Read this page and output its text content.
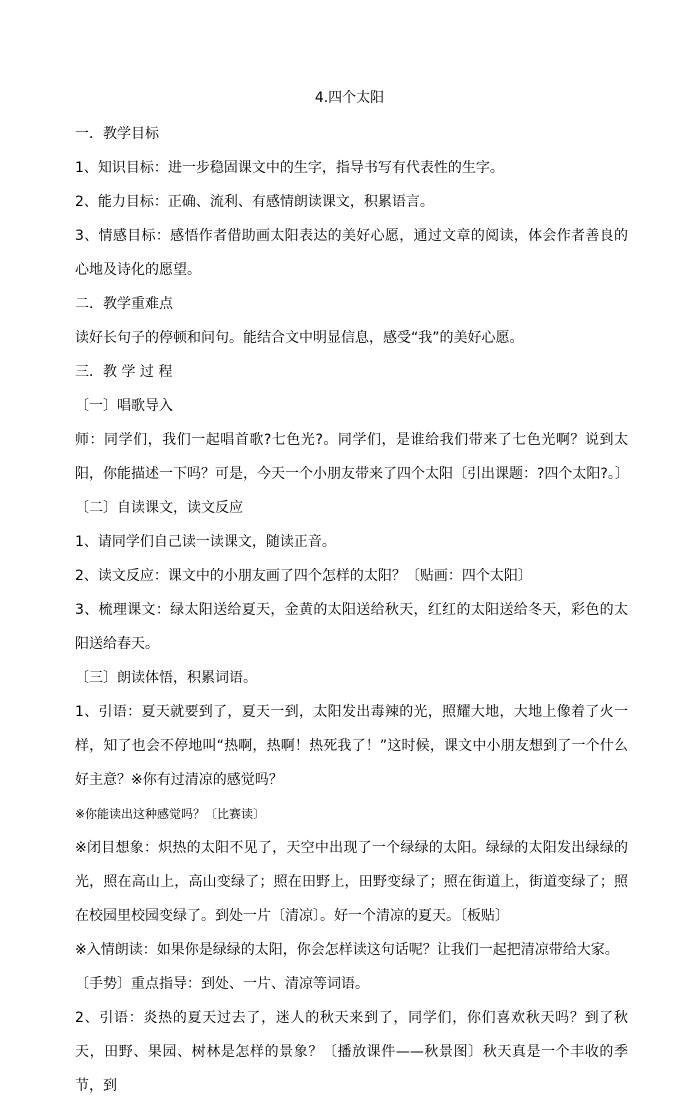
4.四个太阳

一．教学目标

1、知识目标：进一步稳固课文中的生字，指导书写有代表性的生字。

2、能力目标：正确、流利、有感情朗读课文，积累语言。

3、情感目标：感悟作者借助画太阳表达的美好心愿，通过文章的阅读，体会作者善良的心地及诗化的愿望。

二．教学重难点

读好长句子的停顿和问句。能结合文中明显信息，感受“我”的美好心愿。

三．教 学 过 程

〔一〕唱歌导入

师：同学们，我们一起唱首歌?七色光?。同学们，是谁给我们带来了七色光啊？说到太阳，你能描述一下吗？可是，今天一个小朋友带来了四个太阳〔引出课题：?四个太阳?。〕

〔二〕自读课文，读文反应

1、请同学们自己读一读课文，随读正音。

2、读文反应：课文中的小朋友画了四个怎样的太阳？〔贴画：四个太阳〕

3、梳理课文：绿太阳送给夏天，金黄的太阳送给秋天，红红的太阳送给冬天，彩色的太阳送给春天。

〔三〕朗读体悟，积累词语。

1、引语：夏天就要到了，夏天一到，太阳发出毒辣的光，照耀大地，大地上像着了火一样，知了也会不停地叫“热啊，热啊！热死我了！”这时候，课文中小朋友想到了一个什么好主意？※你有过清凉的感觉吗？

※你能读出这种感觉吗？〔比赛读〕

※闭目想象：炽热的太阳不见了，天空中出现了一个绿绿的太阳。绿绿的太阳发出绿绿的光，照在高山上，高山变绿了；照在田野上，田野变绿了；照在街道上，街道变绿了；照在校园里校园变绿了。到处一片〔清凉〕。好一个清凉的夏天。〔板贴〕

※入情朗读：如果你是绿绿的太阳，你会怎样读这句话呢？让我们一起把清凉带给大家。

〔手势〕重点指导：到处、一片、清凉等词语。

2、引语：炎热的夏天过去了，迷人的秋天来到了，同学们，你们喜欢秋天吗？到了秋天，田野、果园、树林是怎样的景象？〔播放课件——秋景图〕秋天真是一个丰收的季节，到
